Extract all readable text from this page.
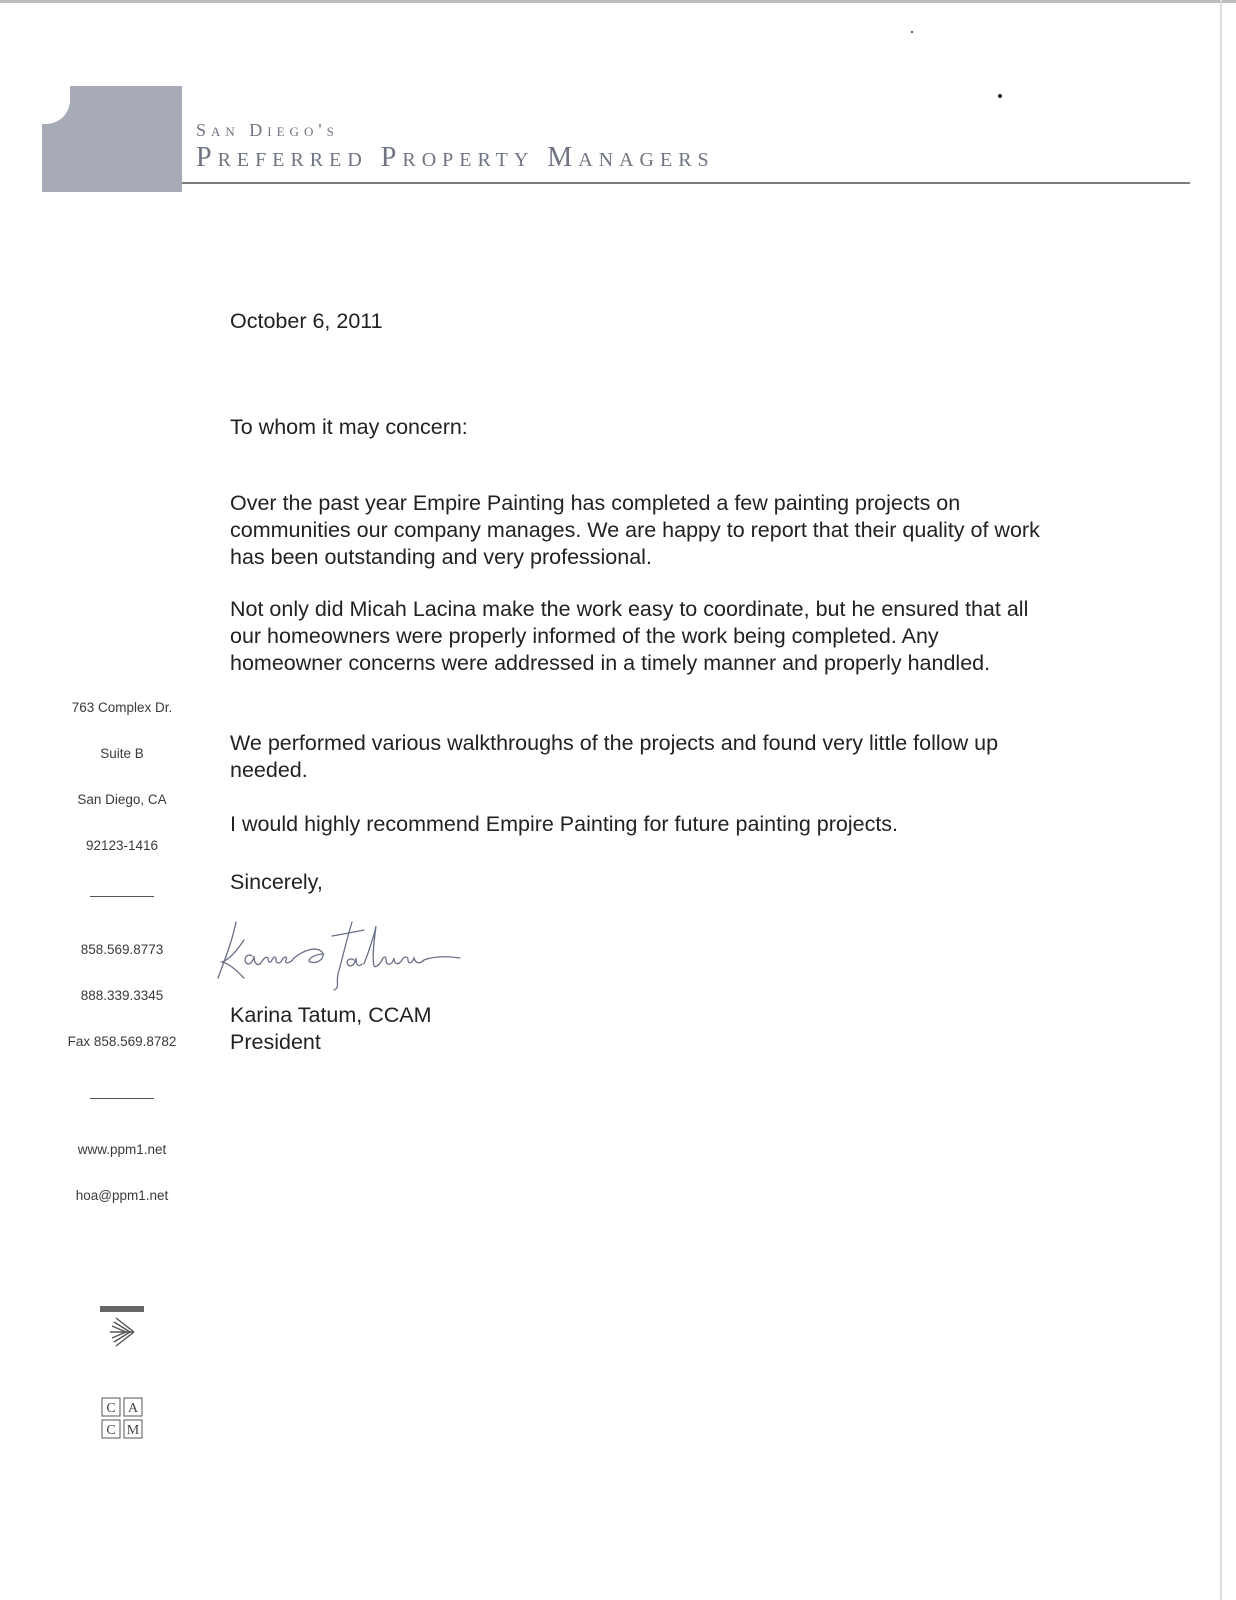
San Diego's
Preferred Property Managers
763 Complex Dr.
Suite B
San Diego, CA
92123-1416
858.569.8773
888.339.3345
Fax 858.569.8782
www.ppm1.net
hoa@ppm1.net
C A
C M
October 6, 2011
To whom it may concern:

Over the past year Empire Painting has completed a few painting projects on communities our company manages. We are happy to report that their quality of work has been outstanding and very professional.

Not only did Micah Lacina make the work easy to coordinate, but he ensured that all our homeowners were properly informed of the work being completed. Any homeowner concerns were addressed in a timely manner and properly handled.

We performed various walkthroughs of the projects and found very little follow up needed.

I would highly recommend Empire Painting for future painting projects.

Sincerely,
Karina Tatum, CCAM
President
